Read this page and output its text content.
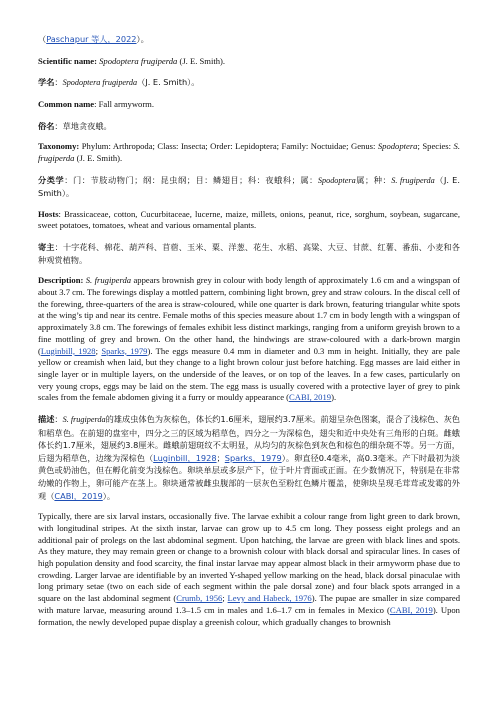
（Paschapur 等人，2022）。

Scientific name: Spodoptera frugiperda (J. E. Smith).

学名：Spodoptera frugiperda（J. E. Smith）。

Common name: Fall armyworm.

俗名：草地贪夜蛾。

Taxonomy: Phylum: Arthropoda; Class: Insecta; Order: Lepidoptera; Family: Noctuidae; Genus: Spodoptera; Species: S. frugiperda (J. E. Smith).

分类学：门：节肢动物门；纲：昆虫纲；目：鳞翅目；科：夜蛾科；属：Spodoptera属；种：S. frugiperda（J. E. Smith）。

Hosts: Brassicaceae, cotton, Cucurbitaceae, lucerne, maize, millets, onions, peanut, rice, sorghum, soybean, sugarcane, sweet potatoes, tomatoes, wheat and various ornamental plants.

寄主：十字花科、棉花、葫芦科、苜蓿、玉米、粟、洋葱、花生、水稻、高粱、大豆、甘蔗、红薯、番茄、小麦和各种观赏植物。

Description: S. frugiperda appears brownish grey in colour with body length of approximately 1.6 cm and a wingspan of about 3.7 cm. The forewings display a mottled pattern, combining light brown, grey and straw colours. In the discal cell of the forewing, three-quarters of the area is straw-coloured, while one quarter is dark brown, featuring triangular white spots at the wing’s tip and near its centre. Female moths of this species measure about 1.7 cm in body length with a wingspan of approximately 3.8 cm. The forewings of females exhibit less distinct markings, ranging from a uniform greyish brown to a fine mottling of grey and brown. On the other hand, the hindwings are straw-coloured with a dark-brown margin (Luginbill, 1928; Sparks, 1979). The eggs measure 0.4 mm in diameter and 0.3 mm in height. Initially, they are pale yellow or creamish when laid, but they change to a light brown colour just before hatching. Egg masses are laid either in single layer or in multiple layers, on the underside of the leaves, or on top of the leaves. In a few cases, particularly on very young crops, eggs may be laid on the stem. The egg mass is usually covered with a protective layer of grey to pink scales from the female abdomen giving it a furry or mouldy appearance (CABI, 2019).

描述：S. frugiperda的雄成虫体色为灰棕色，体长约1.6厘米，翅展约3.7厘米。前翅呈杂色图案，混合了浅棕色、灰色和稻草色。在前翅的盘室中，四分之三的区域为稻草色，四分之一为深棕色，翅尖和近中央处有三角形的白斑。雌蛾体长约1.7厘米，翅展约3.8厘米。雌蛾前翅斑纹不太明显，从均匀的灰棕色到灰色和棕色的细杂斑不等。另一方面，后翅为稻草色，边缘为深棕色（Luginbill，1928；Sparks，1979）。卵直径0.4毫米，高0.3毫米。产下时最初为淡黄色或奶油色，但在孵化前变为浅棕色。卵块单层或多层产下，位于叶片背面或正面。在少数情况下，特别是在非常幼嫩的作物上，卵可能产在茎上。卵块通常被雌虫腹部的一层灰色至粉红色鳞片覆盖，使卵块呈现毛茸茸或发霉的外观（CABI，2019）。

Typically, there are six larval instars, occasionally five. The larvae exhibit a colour range from light green to dark brown, with longitudinal stripes. At the sixth instar, larvae can grow up to 4.5 cm long. They possess eight prolegs and an additional pair of prolegs on the last abdominal segment. Upon hatching, the larvae are green with black lines and spots. As they mature, they may remain green or change to a brownish colour with black dorsal and spiracular lines. In cases of high population density and food scarcity, the final instar larvae may appear almost black in their armyworm phase due to crowding. Larger larvae are identifiable by an inverted Y-shaped yellow marking on the head, black dorsal pinaculae with long primary setae (two on each side of each segment within the pale dorsal zone) and four black spots arranged in a square on the last abdominal segment (Crumb, 1956; Levy and Habeck, 1976). The pupae are smaller in size compared with mature larvae, measuring around 1.3–1.5 cm in males and 1.6–1.7 cm in females in Mexico (CABI, 2019). Upon formation, the newly developed pupae display a greenish colour, which gradually changes to brownish
